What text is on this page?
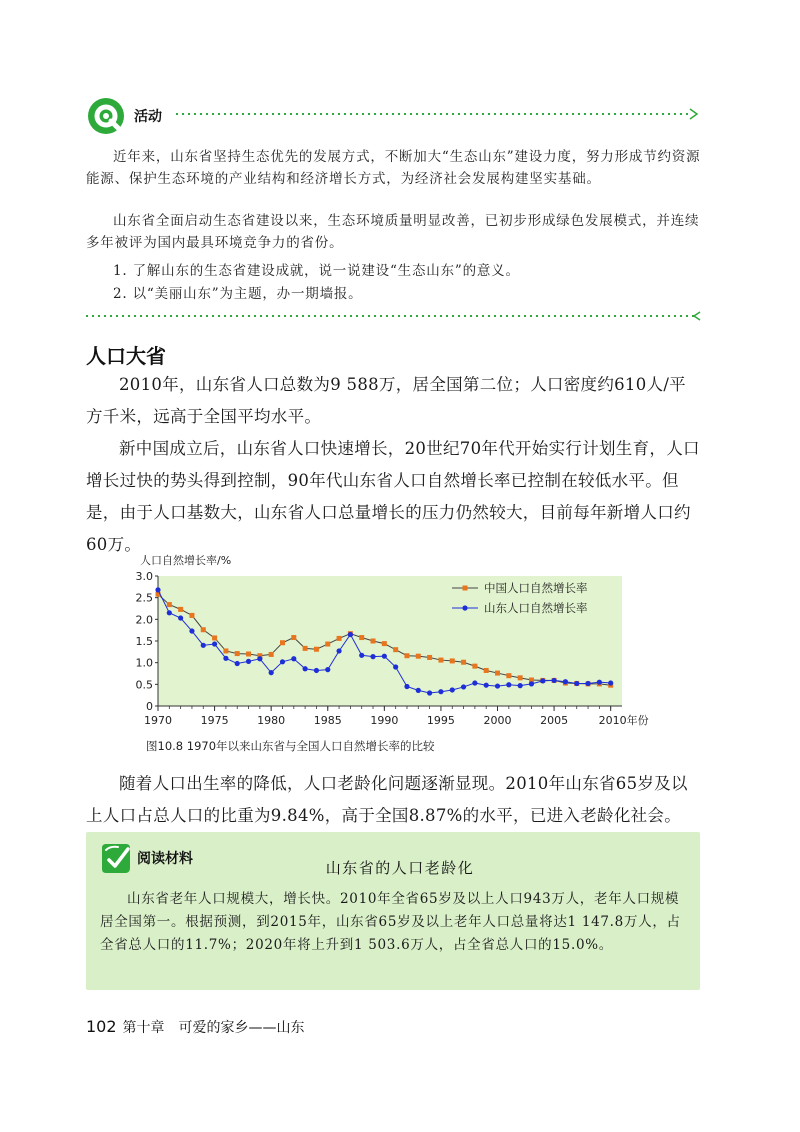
活动
近年来，山东省坚持生态优先的发展方式，不断加大“生态山东”建设力度，努力形成节约资源能源、保护生态环境的产业结构和经济增长方式，为经济社会发展构建坚实基础。
山东省全面启动生态省建设以来，生态环境质量明显改善，已初步形成绿色发展模式，并连续多年被评为国内最具环境竞争力的省份。
1. 了解山东的生态省建设成就，说一说建设“生态山东”的意义。
2. 以“美丽山东”为主题，办一期墙报。
人口大省
2010年，山东省人口总数为9 588万，居全国第二位；人口密度约610人/平方千米，远高于全国平均水平。
新中国成立后，山东省人口快速增长，20世纪70年代开始实行计划生育，人口增长过快的势头得到控制，90年代山东省人口自然增长率已控制在较低水平。但是，由于人口基数大，山东省人口总量增长的压力仍然较大，目前每年新增人口约60万。
人口自然增长率/%
0
0.5
1.0
1.5
2.0
2.5
3.0
1970	1975	1980	1985	1990	1995	2000	2005	2010年份
中国人口自然增长率
山东人口自然增长率
图10.8 1970年以来山东省与全国人口自然增长率的比较
随着人口出生率的降低，人口老龄化问题逐渐显现。2010年山东省65岁及以上人口占总人口的比重为9.84%，高于全国8.87%的水平，已进入老龄化社会。
阅读材料	山东省的人口老龄化
山东省老年人口规模大，增长快。2010年全省65岁及以上人口943万人，老年人口规模居全国第一。根据预测，到2015年，山东省65岁及以上老年人口总量将达1 147.8万人，占全省总人口的11.7%；2020年将上升到1 503.6万人，占全省总人口的15.0%。
102 第十章　可爱的家乡——山东
